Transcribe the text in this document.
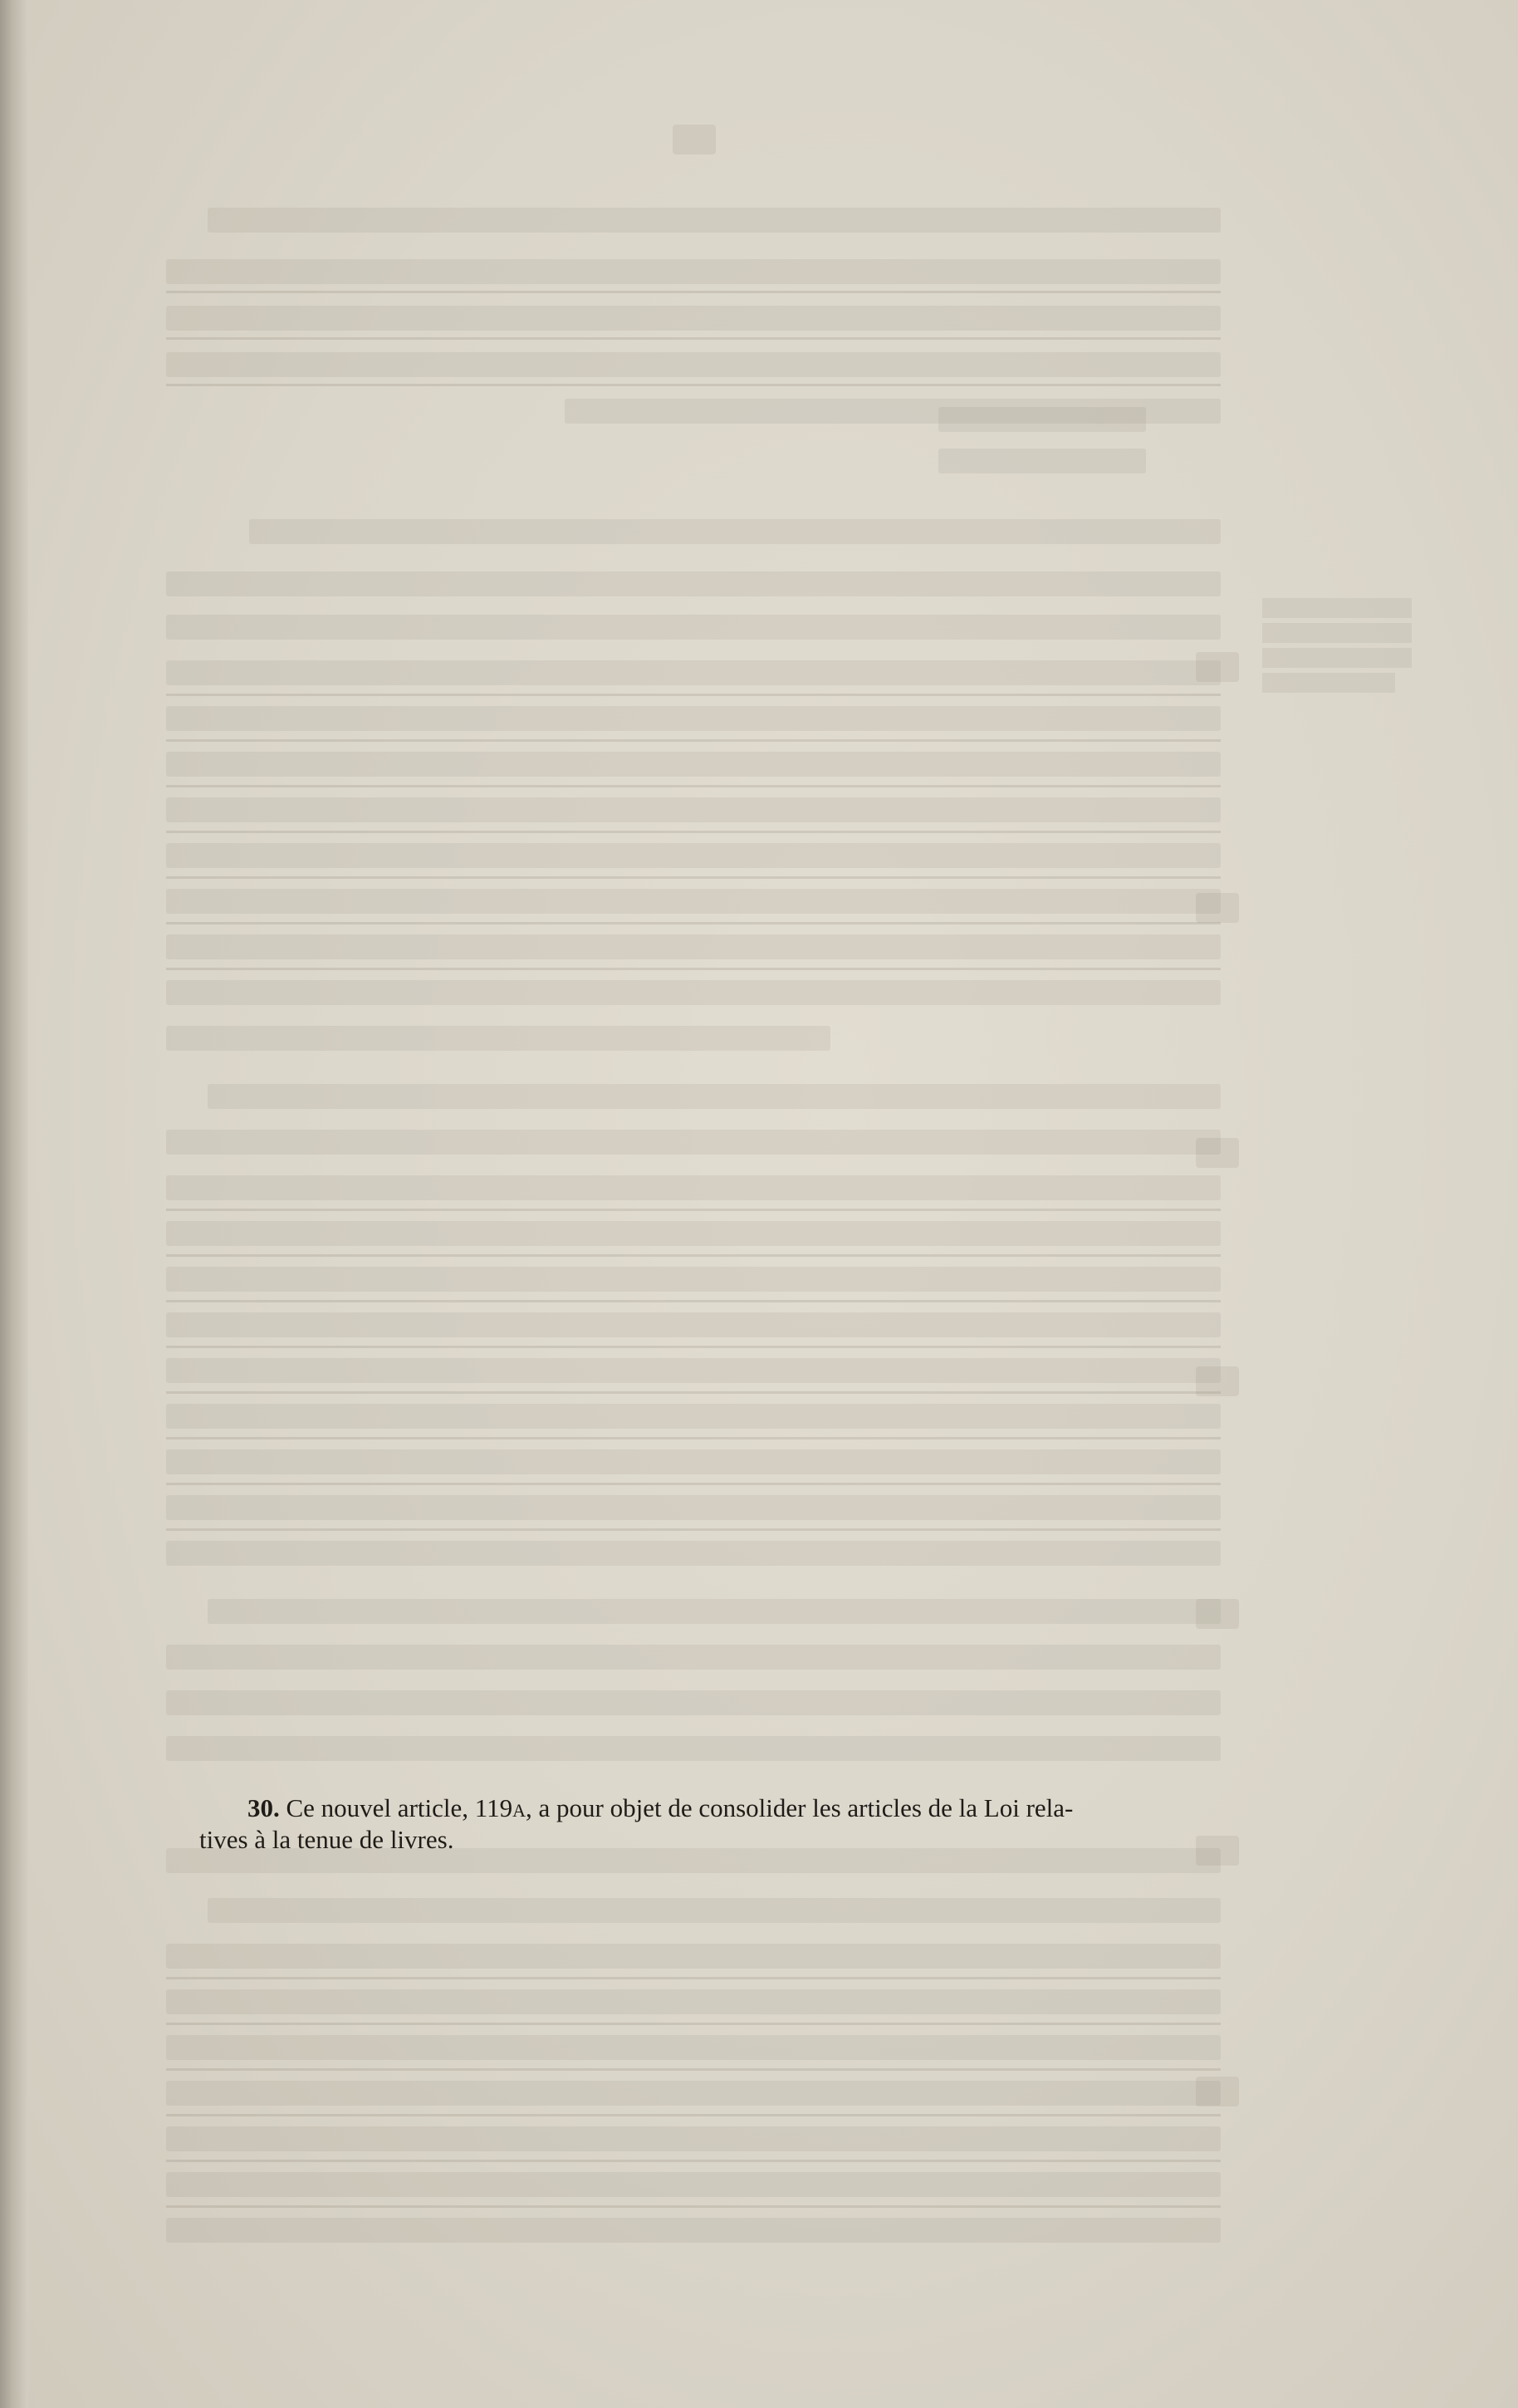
30. Ce nouvel article, 119a, a pour objet de consolider les articles de la Loi rela-
tives à la tenue de livres.
